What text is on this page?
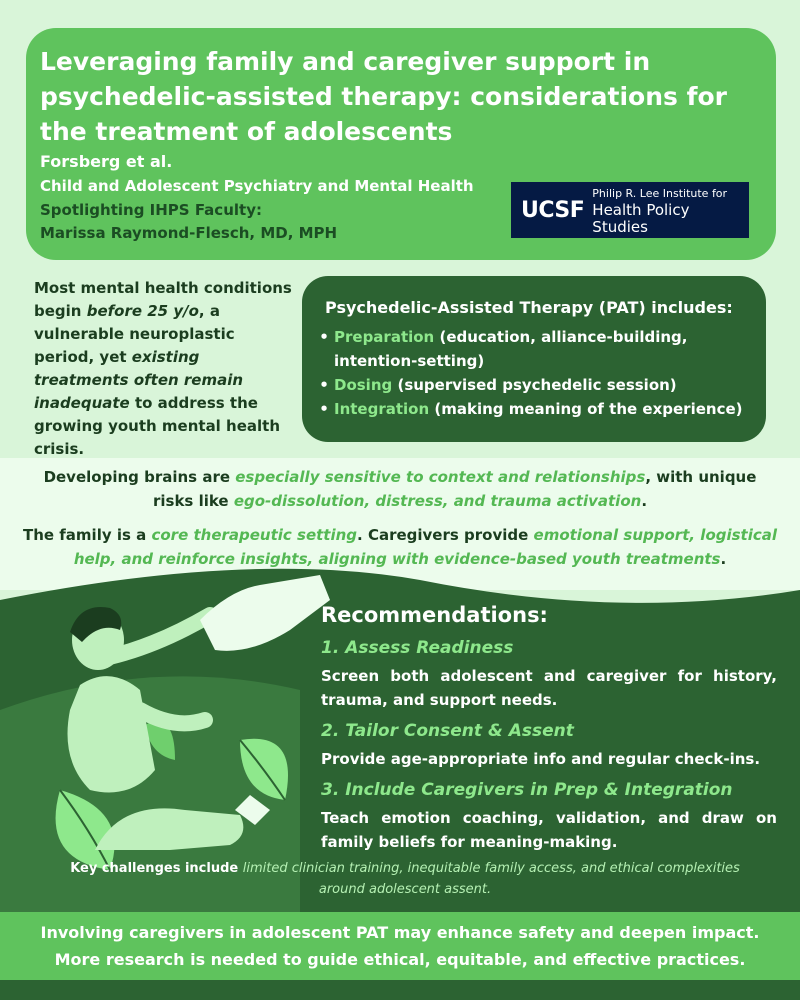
Leveraging family and caregiver support in psychedelic-assisted therapy: considerations for the treatment of adolescents
Forsberg et al.
Child and Adolescent Psychiatry and Mental Health
Spotlighting IHPS Faculty:
Marissa Raymond-Flesch, MD, MPH
UCSF
Philip R. Lee Institute for
Health Policy Studies
Most mental health conditions begin before 25 y/o, a vulnerable neuroplastic period, yet existing treatments often remain inadequate to address the growing youth mental health crisis.
Psychedelic-Assisted Therapy (PAT) includes:
• Preparation (education, alliance-building, intention-setting)
• Dosing (supervised psychedelic session)
• Integration (making meaning of the experience)
Developing brains are especially sensitive to context and relationships, with unique risks like ego-dissolution, distress, and trauma activation.
The family is a core therapeutic setting. Caregivers provide emotional support, logistical help, and reinforce insights, aligning with evidence-based youth treatments.
Recommendations:
1. Assess Readiness
Screen both adolescent and caregiver for history, trauma, and support needs.
2. Tailor Consent & Assent
Provide age-appropriate info and regular check-ins.
3. Include Caregivers in Prep & Integration
Teach emotion coaching, validation, and draw on family beliefs for meaning-making.
Key challenges include limited clinician training, inequitable family access, and ethical complexities around adolescent assent.
Involving caregivers in adolescent PAT may enhance safety and deepen impact.
More research is needed to guide ethical, equitable, and effective practices.
